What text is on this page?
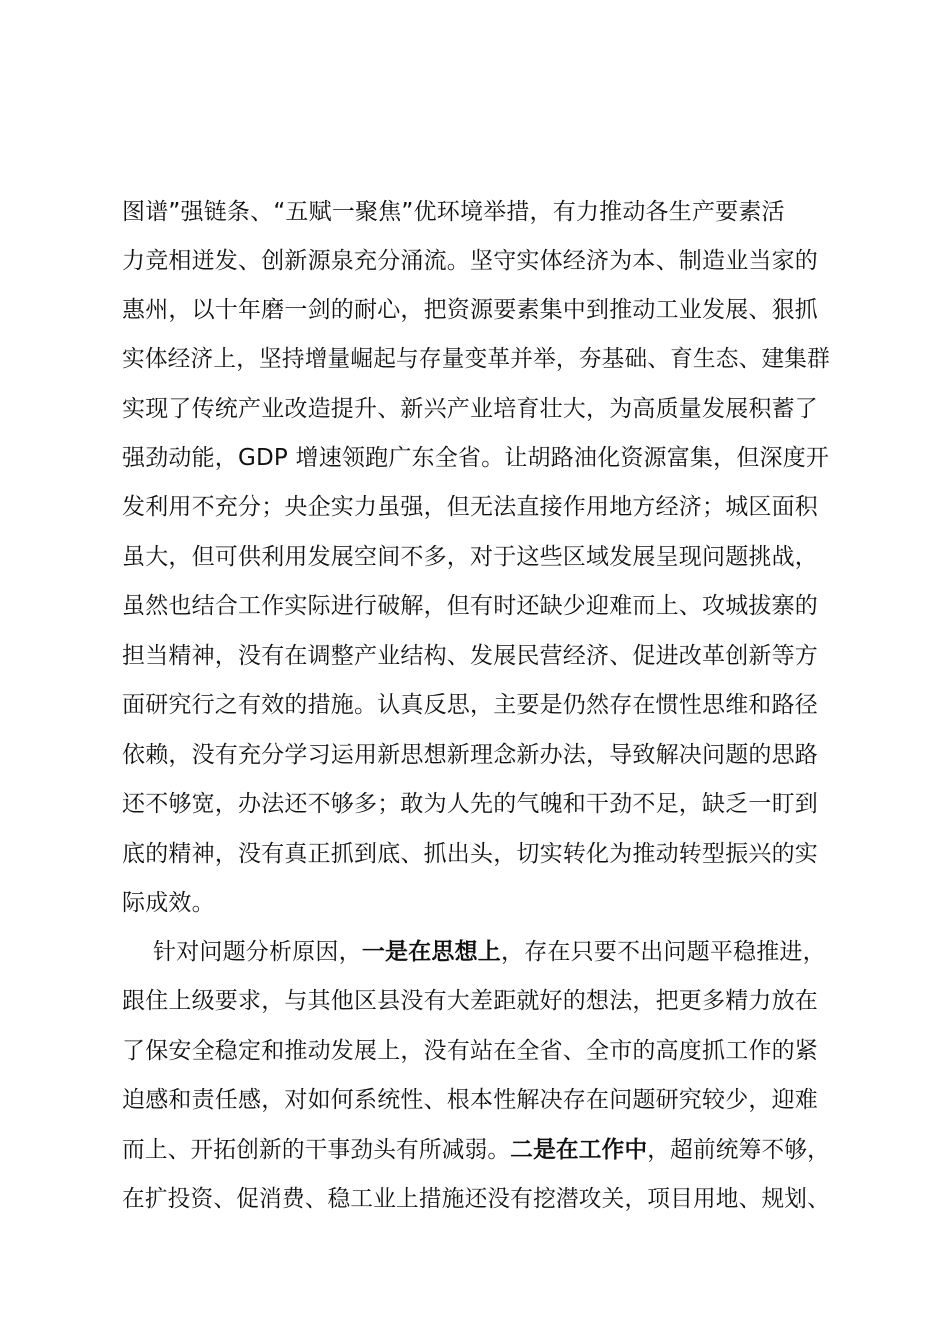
图谱”强链条、“五赋一聚焦”优环境举措，有力推动各生产要素活
力竞相迸发、创新源泉充分涌流。坚守实体经济为本、制造业当家的
惠州，以十年磨一剑的耐心，把资源要素集中到推动工业发展、狠抓
实体经济上，坚持增量崛起与存量变革并举，夯基础、育生态、建集群
实现了传统产业改造提升、新兴产业培育壮大，为高质量发展积蓄了
强劲动能，GDP 增速领跑广东全省。让胡路油化资源富集，但深度开
发利用不充分；央企实力虽强，但无法直接作用地方经济；城区面积
虽大，但可供利用发展空间不多，对于这些区域发展呈现问题挑战，
虽然也结合工作实际进行破解，但有时还缺少迎难而上、攻城拔寨的
担当精神，没有在调整产业结构、发展民营经济、促进改革创新等方
面研究行之有效的措施。认真反思，主要是仍然存在惯性思维和路径
依赖，没有充分学习运用新思想新理念新办法，导致解决问题的思路
还不够宽，办法还不够多；敢为人先的气魄和干劲不足，缺乏一盯到
底的精神，没有真正抓到底、抓出头，切实转化为推动转型振兴的实
际成效。
针对问题分析原因，一是在思想上，存在只要不出问题平稳推进，
跟住上级要求，与其他区县没有大差距就好的想法，把更多精力放在
了保安全稳定和推动发展上，没有站在全省、全市的高度抓工作的紧
迫感和责任感，对如何系统性、根本性解决存在问题研究较少，迎难
而上、开拓创新的干事劲头有所减弱。二是在工作中，超前统筹不够，
在扩投资、促消费、稳工业上措施还没有挖潜攻关，项目用地、规划、
